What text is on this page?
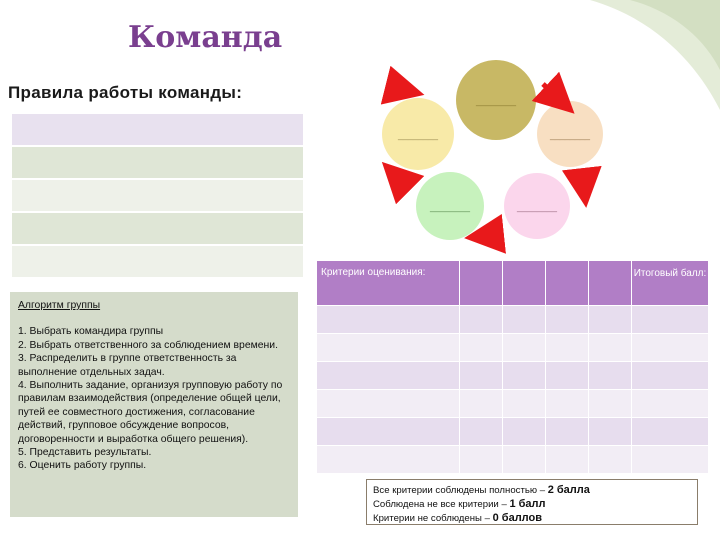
Команда
Правила работы команды:

Алгоритм группы
1. Выбрать командира группы
2. Выбрать ответственного за соблюдением времени.
3. Распределить в группе ответственность за выполнение отдельных задач.
4. Выполнить задание, организуя групповую работу по правилам взаимодействия (определение общей цели, путей ее совместного достижения, согласование действий, групповое обсуждение вопросов, договоренности и выработка общего решения).
5. Представить результаты.
6. Оценить работу группы.
________
________	________
________
________
Критерии оценивания:					Итоговый балл:

Все критерии соблюдены полностью – 2 балла
Соблюдена не все критерии – 1 балл
Критерии не соблюдены – 0 баллов
